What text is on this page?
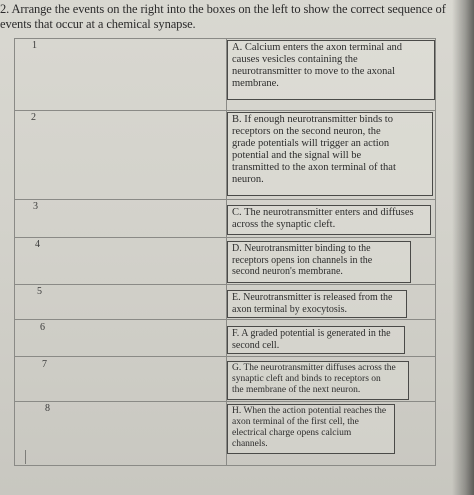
2. Arrange the events on the right into the boxes on the left to show the correct sequence of
events that occur at a chemical synapse.
1
2
3
4
5
6
7
8
A. Calcium enters the axon terminal and
causes vesicles containing the
neurotransmitter to move to the axonal
membrane.
B. If enough neurotransmitter binds to
receptors on the second neuron, the
grade potentials will trigger an action
potential and the signal will be
transmitted to the axon terminal of that
neuron.
C. The neurotransmitter enters and diffuses
across the synaptic cleft.
D. Neurotransmitter binding to the
receptors opens ion channels in the
second neuron's membrane.
E. Neurotransmitter is released from the
axon terminal by exocytosis.
F. A graded potential is generated in the
second cell.
G. The neurotransmitter diffuses across the
synaptic cleft and binds to receptors on
the membrane of the next neuron.
H. When the action potential reaches the
axon terminal of the first cell, the
electrical charge opens calcium
channels.
